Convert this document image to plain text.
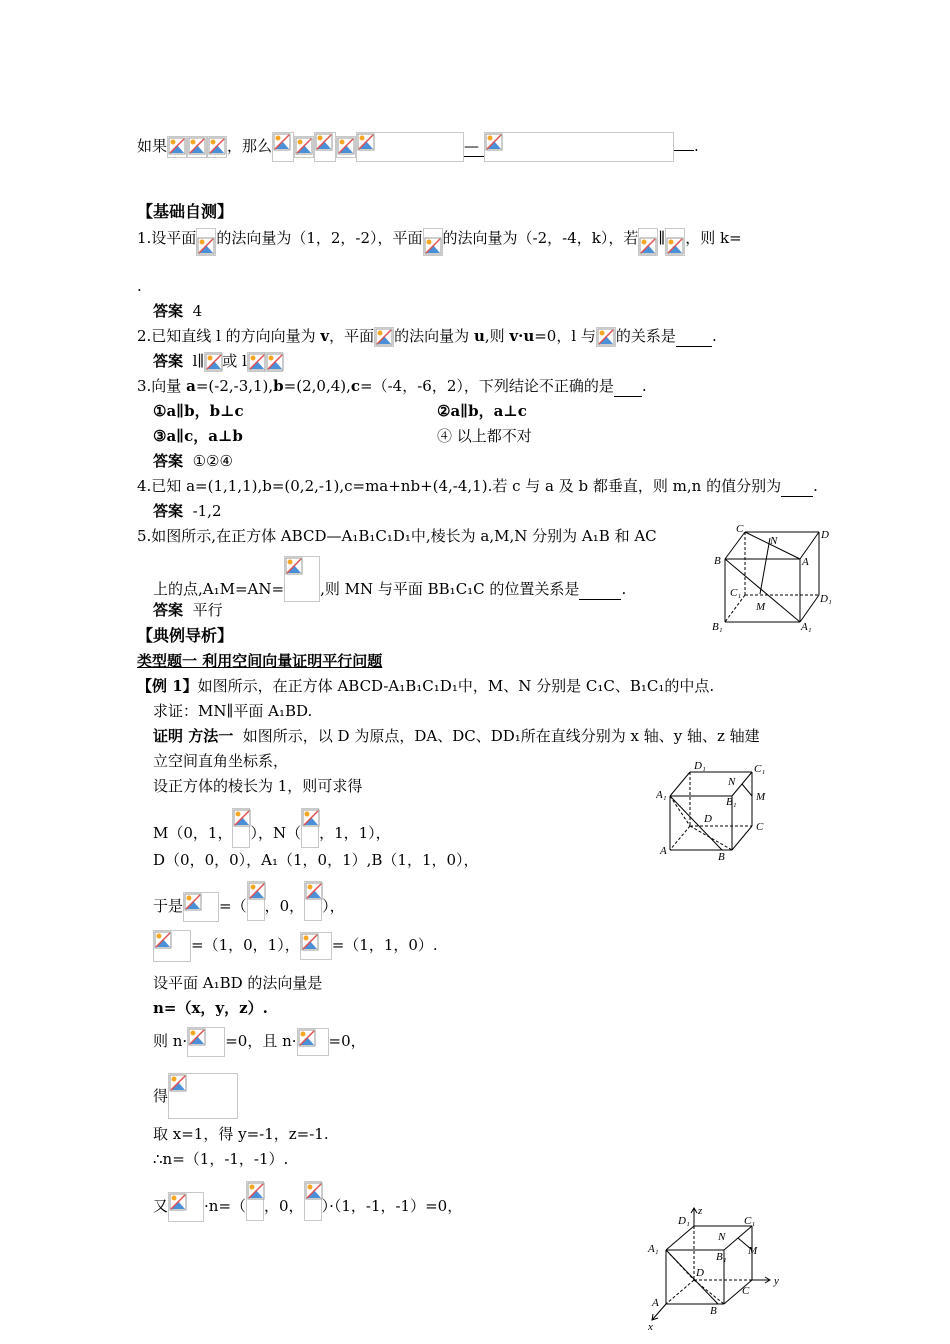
如果	，那么	—	.
【基础自测】
1.设平面 的法向量为（1，2，-2），平面 的法向量为（-2，-4，k），若 ∥ ，则 k=
.
答案 4
2.已知直线 l 的方向向量为 v，平面 的法向量为 u,则 v·u=0，l 与 的关系是 .
答案 l∥ 或 l
3.向量 a=(-2,-3,1),b=(2,0,4),c=（-4，-6，2），下列结论不正确的是 .
①a∥b，b⊥c	②a∥b，a⊥c
③a∥c，a⊥b	④ 以上都不对
答案 ①②④
4.已知 a=(1,1,1),b=(0,2,-1),c=ma+nb+(4,-4,1).若 c 与 a 及 b 都垂直，则 m,n 的值分别为 .
答案 -1,2
5.如图所示,在正方体 ABCD—A₁B₁C₁D₁中,棱长为 a,M,N 分别为 A₁B 和 AC
上的点,A₁M=AN= ,则 MN 与平面 BB₁C₁C 的位置关系是	.
答案 平行
C
N	D
B	A
C₁
M
D₁
B₁	A₁
【典例导析】
类型题一 利用空间向量证明平行问题
【例 1】如图所示，在正方体 ABCD-A₁B₁C₁D₁中，M、N 分别是 C₁C、B₁C₁的中点.
求证：MN∥平面 A₁BD.
证明 方法一 如图所示，以 D 为原点，DA、DC、DD₁所在直线分别为 x 轴、y 轴、z 轴建
立空间直角坐标系，
设正方体的棱长为 1，则可求得
M（0，1， ），N（ ，1，1），
D（0，0，0），A₁（1，0，1）,B（1，1，0），
于是 =（ ，0， ），
=（1，0，1）， =（1，1，0）.
设平面 A₁BD 的法向量是
n=（x，y，z）.
则 n·	=0，且 n· =0，
得
取 x=1，得 y=-1，z=-1.
∴n=（1，-1，-1）.
又 ·n=（ ，0， ）·（1，-1，-1）=0，
D₁	C₁
A₁
N
B₁ M
D
C
A	B
z
D₁	C₁
A₁
N
B₁ M
D
y
C
A
B
x
